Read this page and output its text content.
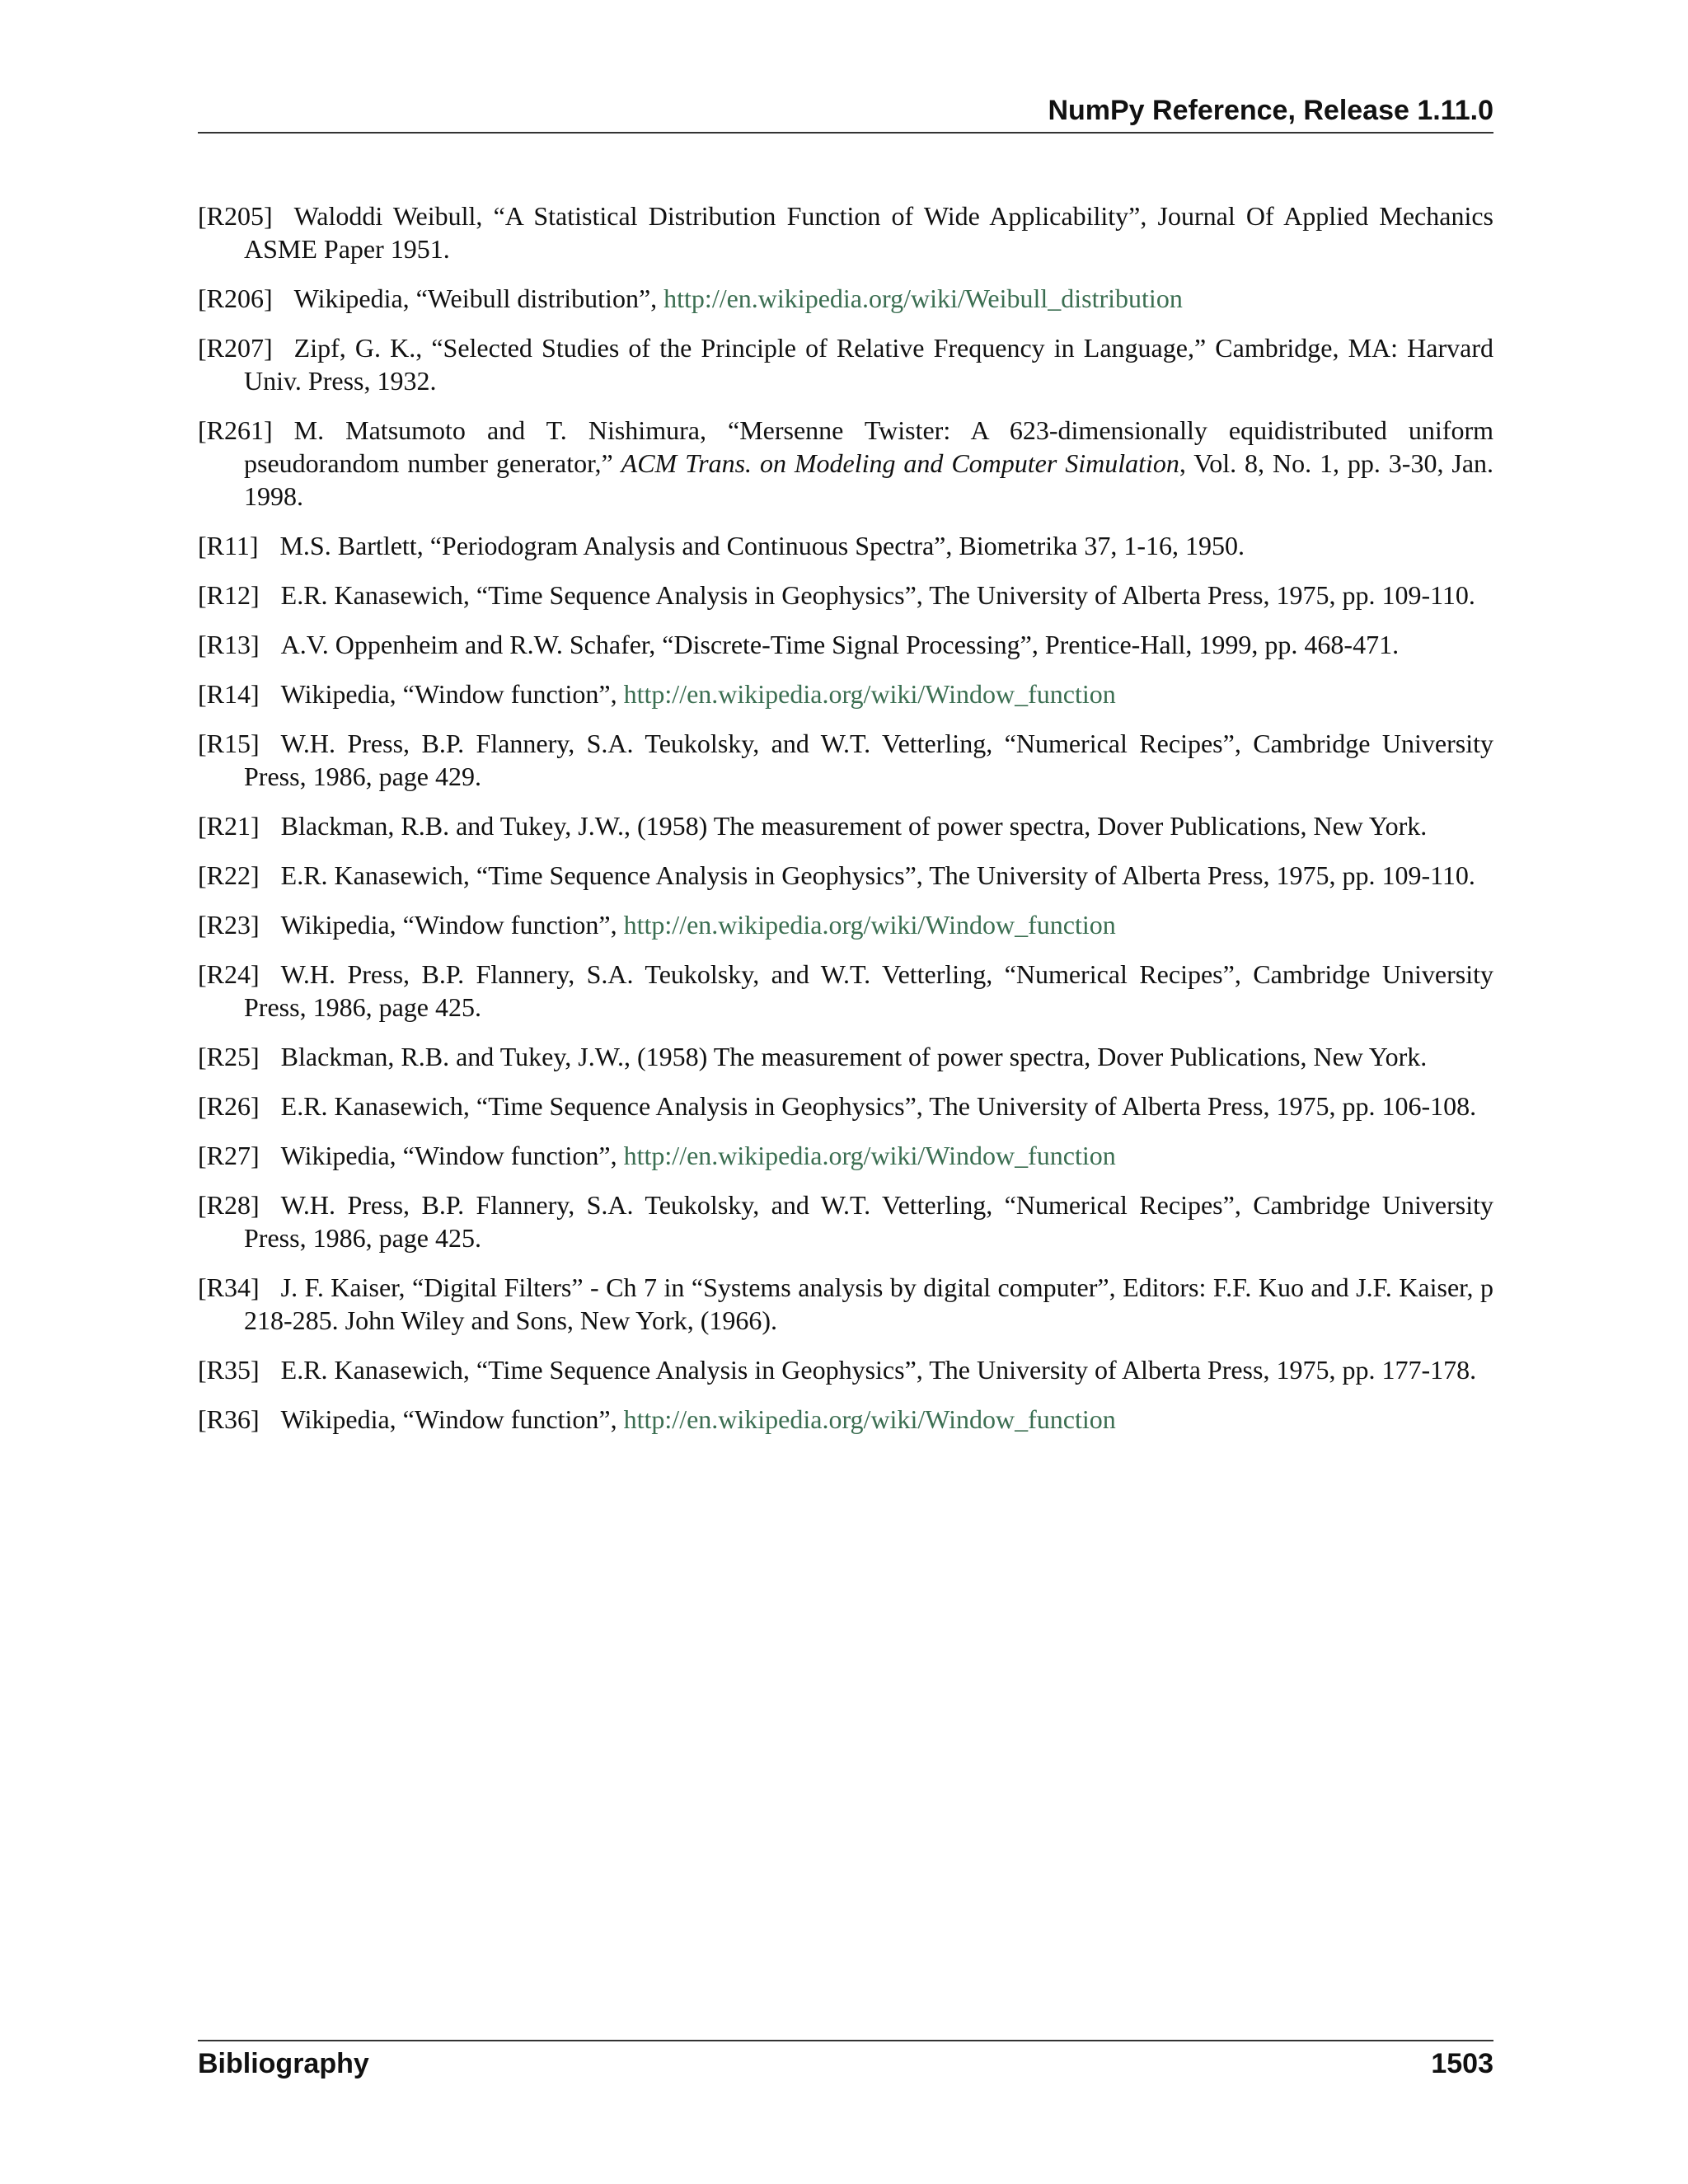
NumPy Reference, Release 1.11.0

[R205] Waloddi Weibull, “A Statistical Distribution Function of Wide Applicability”, Journal Of Applied Mechanics ASME Paper 1951.

[R206] Wikipedia, “Weibull distribution”, http://en.wikipedia.org/wiki/Weibull_distribution

[R207] Zipf, G. K., “Selected Studies of the Principle of Relative Frequency in Language,” Cambridge, MA: Harvard Univ. Press, 1932.

[R261] M. Matsumoto and T. Nishimura, “Mersenne Twister: A 623-dimensionally equidistributed uniform pseudorandom number generator,” ACM Trans. on Modeling and Computer Simulation, Vol. 8, No. 1, pp. 3-30, Jan. 1998.

[R11] M.S. Bartlett, “Periodogram Analysis and Continuous Spectra”, Biometrika 37, 1-16, 1950.

[R12] E.R. Kanasewich, “Time Sequence Analysis in Geophysics”, The University of Alberta Press, 1975, pp. 109-110.

[R13] A.V. Oppenheim and R.W. Schafer, “Discrete-Time Signal Processing”, Prentice-Hall, 1999, pp. 468-471.

[R14] Wikipedia, “Window function”, http://en.wikipedia.org/wiki/Window_function

[R15] W.H. Press, B.P. Flannery, S.A. Teukolsky, and W.T. Vetterling, “Numerical Recipes”, Cambridge University Press, 1986, page 429.

[R21] Blackman, R.B. and Tukey, J.W., (1958) The measurement of power spectra, Dover Publications, New York.

[R22] E.R. Kanasewich, “Time Sequence Analysis in Geophysics”, The University of Alberta Press, 1975, pp. 109-110.

[R23] Wikipedia, “Window function”, http://en.wikipedia.org/wiki/Window_function

[R24] W.H. Press, B.P. Flannery, S.A. Teukolsky, and W.T. Vetterling, “Numerical Recipes”, Cambridge University Press, 1986, page 425.

[R25] Blackman, R.B. and Tukey, J.W., (1958) The measurement of power spectra, Dover Publications, New York.

[R26] E.R. Kanasewich, “Time Sequence Analysis in Geophysics”, The University of Alberta Press, 1975, pp. 106-108.

[R27] Wikipedia, “Window function”, http://en.wikipedia.org/wiki/Window_function

[R28] W.H. Press, B.P. Flannery, S.A. Teukolsky, and W.T. Vetterling, “Numerical Recipes”, Cambridge University Press, 1986, page 425.

[R34] J. F. Kaiser, “Digital Filters” - Ch 7 in “Systems analysis by digital computer”, Editors: F.F. Kuo and J.F. Kaiser, p 218-285. John Wiley and Sons, New York, (1966).

[R35] E.R. Kanasewich, “Time Sequence Analysis in Geophysics”, The University of Alberta Press, 1975, pp. 177-178.

[R36] Wikipedia, “Window function”, http://en.wikipedia.org/wiki/Window_function

Bibliography	1503
